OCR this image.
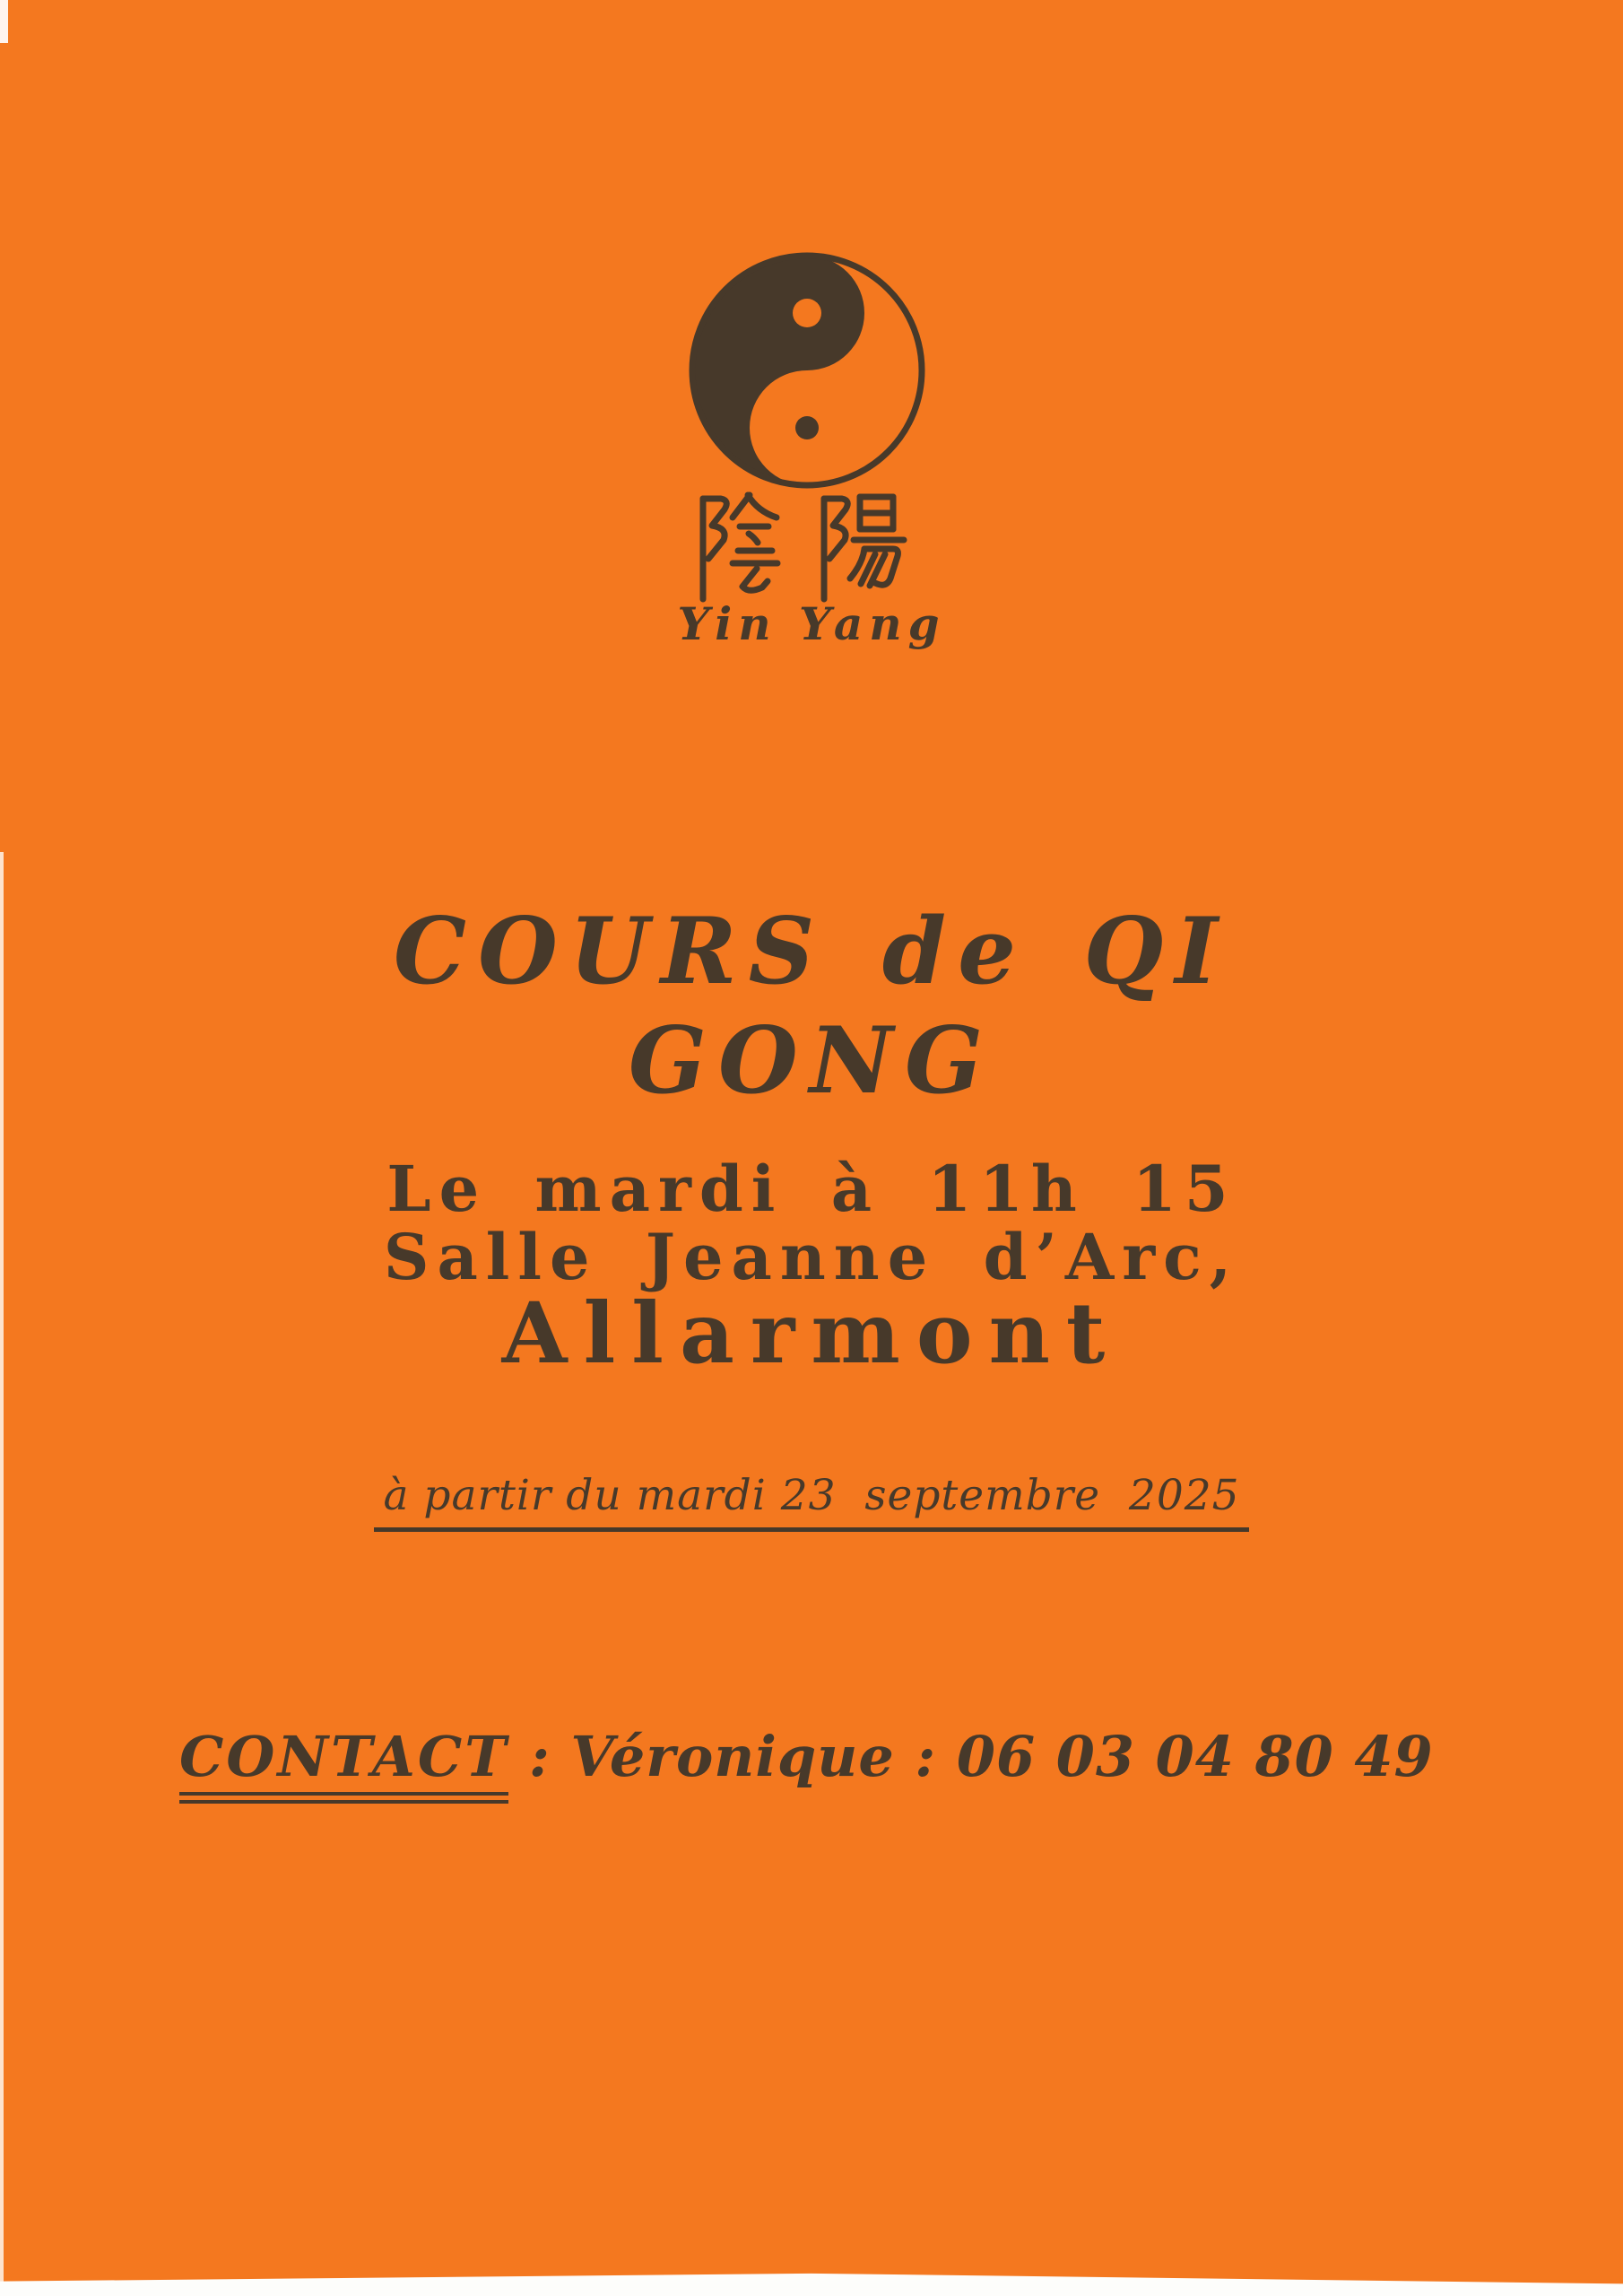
Yin Yang
COURS de QI
GONG
Le mardi à 11h 15
Salle Jeanne d’Arc,
Allarmont
à partir du mardi 23  septembre  2025
CONTACT : Véronique : 06 03 04 80 49
